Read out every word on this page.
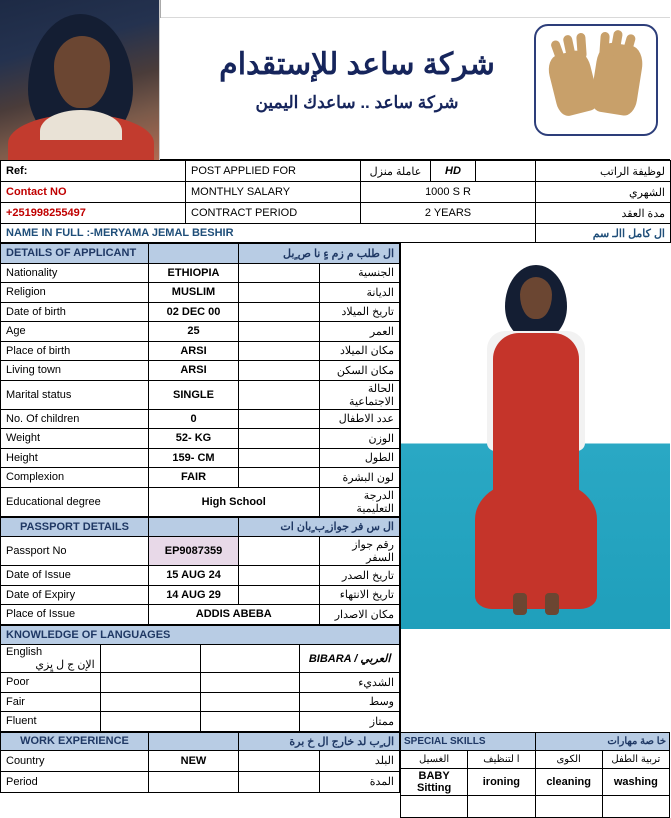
شركة ساعد للإستقدام
شركة ساعد .. ساعدك اليمين
Ref:	POST APPLIED FOR	عاملة منزل	HD		لوظيفة الراتب
Contact NO	MONTHLY SALARY	1000 S R			الشهري
+251998255497	CONTRACT PERIOD	2 YEARS			مدة العقد
NAME IN FULL :-MERYAMA JEMAL BESHIR					ال كامل االـ سم
DETAILS OF APPLICANT		ال طلب م زم ءٍ نا ص ٍبل	
Nationality	ETHIOPIA		الجنسية
Religion	MUSLIM		الديانة
Date of birth	02 DEC 00		تاريخ الميلاد
Age	25		العمر
Place of birth	ARSI		مكان الميلاد
Living town	ARSI		مكان السكن
Marital status	SINGLE		الحالة الاجتماعية
No. Of children	0		عدد الاطفال
Weight	52- KG		الوزن
Height	159- CM		الطول
Complexion	FAIR		لون البشرة
Educational degree	High School		الدرجة التعليمية
PASSPORT DETAILS		ال س فر جواز ٍب ٍبان ات	
Passport No	EP9087359		رقم جواز السفر
Date of Issue	15 AUG 24		تاريخ الصدر
Date of Expiry	14 AUG 29		تاريخ الانتهاء
Place of Issue	ADDIS ABEBA		مكان الاصدار
KNOWLEDGE OF LANGUAGES			
English
الإن ج ل يٍزي			BIBARA / العربي
Poor			الشديء
Fair			وسط
Fluent			ممتاز
WORK EXPERIENCE		ال ٍب لد خارج ال خ برة	
Country	NEW		البلد
Period			المدة
SPECIAL SKILLS		خا صة مهارات	
الغسيل	ا لتنظيف	الكوى	تربية الطفل
BABY Sitting	ironing	cleaning	washing
